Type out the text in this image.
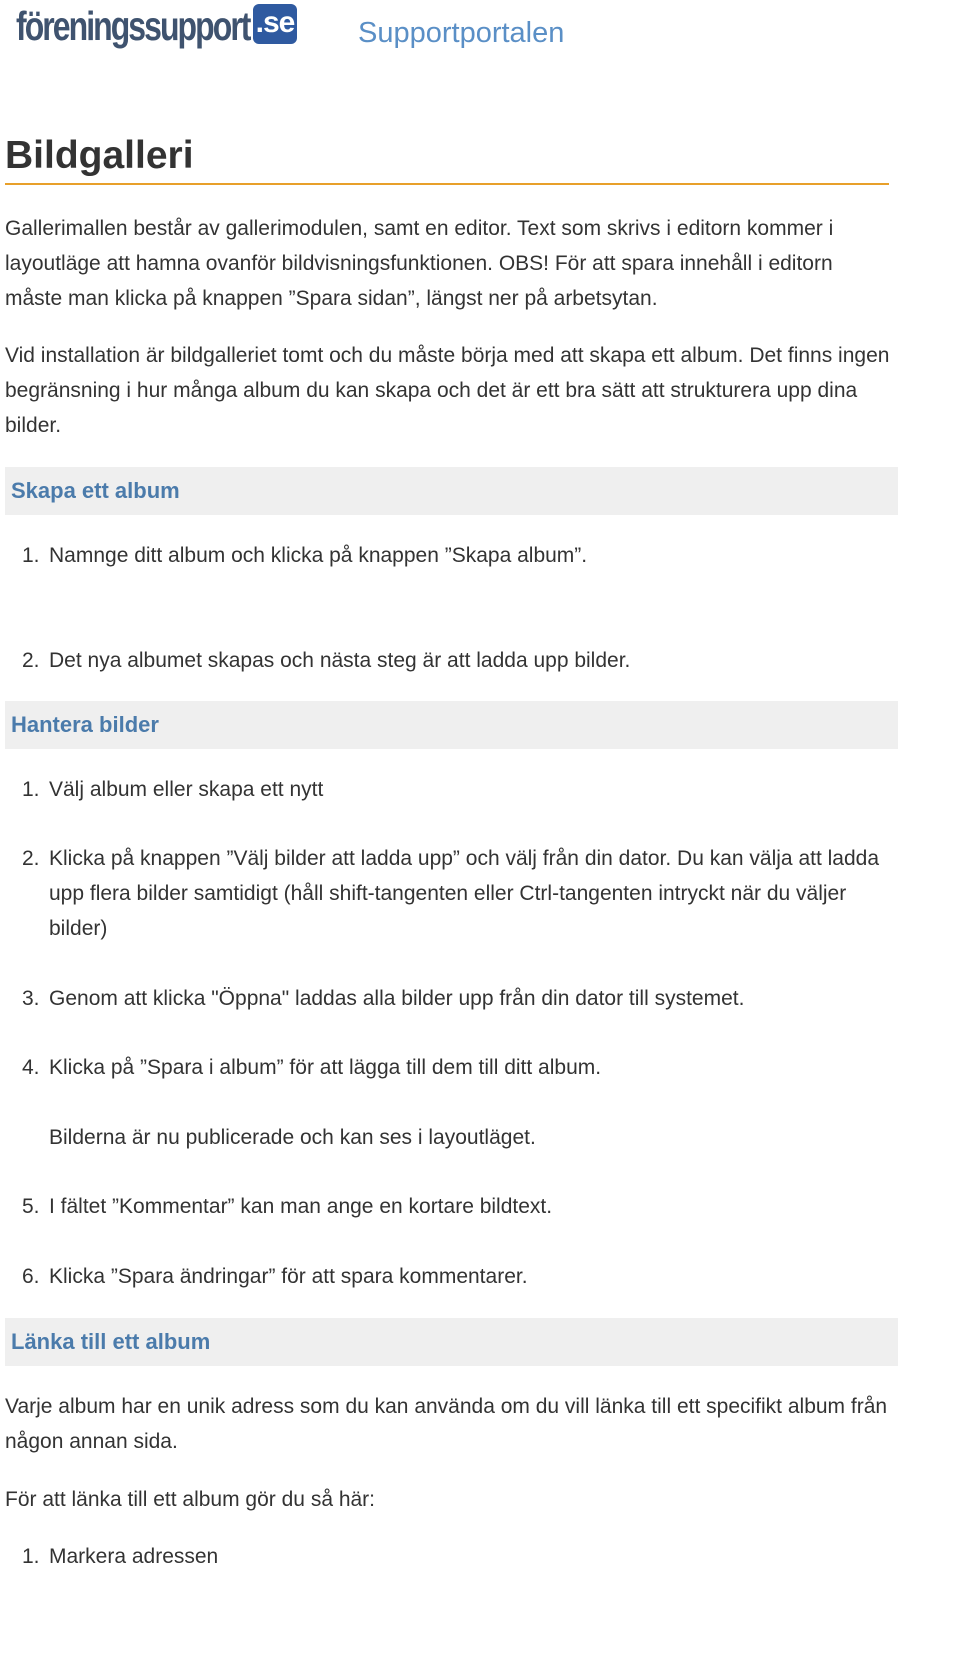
föreningssupport .se Supportportalen
Bildgalleri

Gallerimallen består av gallerimodulen, samt en editor. Text som skrivs i editorn kommer i layoutläge att hamna ovanför bildvisningsfunktionen. OBS! För att spara innehåll i editorn måste man klicka på knappen ”Spara sidan”, längst ner på arbetsytan.

Vid installation är bildgalleriet tomt och du måste börja med att skapa ett album. Det finns ingen begränsning i hur många album du kan skapa och det är ett bra sätt att strukturera upp dina bilder.

Skapa ett album
1. Namnge ditt album och klicka på knappen ”Skapa album”.
2. Det nya albumet skapas och nästa steg är att ladda upp bilder.
Hantera bilder
1. Välj album eller skapa ett nytt
2. Klicka på knappen ”Välj bilder att ladda upp” och välj från din dator. Du kan välja att ladda upp flera bilder samtidigt (håll shift-tangenten eller Ctrl-tangenten intryckt när du väljer bilder)
3. Genom att klicka "Öppna" laddas alla bilder upp från din dator till systemet.
4. Klicka på ”Spara i album” för att lägga till dem till ditt album.
Bilderna är nu publicerade och kan ses i layoutläget.
5. I fältet ”Kommentar” kan man ange en kortare bildtext.
6. Klicka ”Spara ändringar” för att spara kommentarer.
Länka till ett album

Varje album har en unik adress som du kan använda om du vill länka till ett specifikt album från någon annan sida.

För att länka till ett album gör du så här:

1. Markera adressen
